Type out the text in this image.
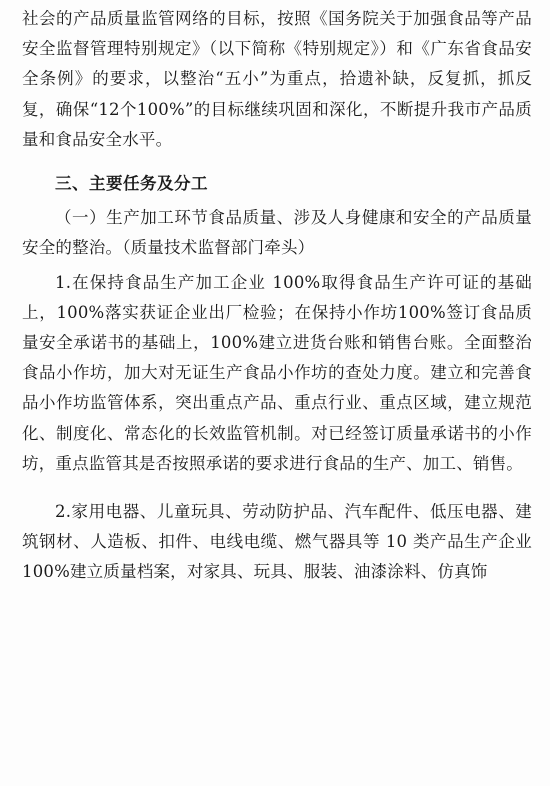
社会的产品质量监管网络的目标，按照《国务院关于加强食品等产品安全监督管理特别规定》（以下简称《特别规定》）和《广东省食品安全条例》的要求，以整治“五小”为重点，拾遗补缺，反复抓，抓反复，确保“12个100%”的目标继续巩固和深化，不断提升我市产品质量和食品安全水平。

三、主要任务及分工

（一）生产加工环节食品质量、涉及人身健康和安全的产品质量安全的整治。（质量技术监督部门牵头）

1.在保持食品生产加工企业 100%取得食品生产许可证的基础上，100%落实获证企业出厂检验；在保持小作坊100%签订食品质量安全承诺书的基础上，100%建立进货台账和销售台账。全面整治食品小作坊，加大对无证生产食品小作坊的查处力度。建立和完善食品小作坊监管体系，突出重点产品、重点行业、重点区域，建立规范化、制度化、常态化的长效监管机制。对已经签订质量承诺书的小作坊，重点监管其是否按照承诺的要求进行食品的生产、加工、销售。

2.家用电器、儿童玩具、劳动防护品、汽车配件、低压电器、建筑钢材、人造板、扣件、电线电缆、燃气器具等 10 类产品生产企业 100%建立质量档案，对家具、玩具、服装、油漆涂料、仿真饰
